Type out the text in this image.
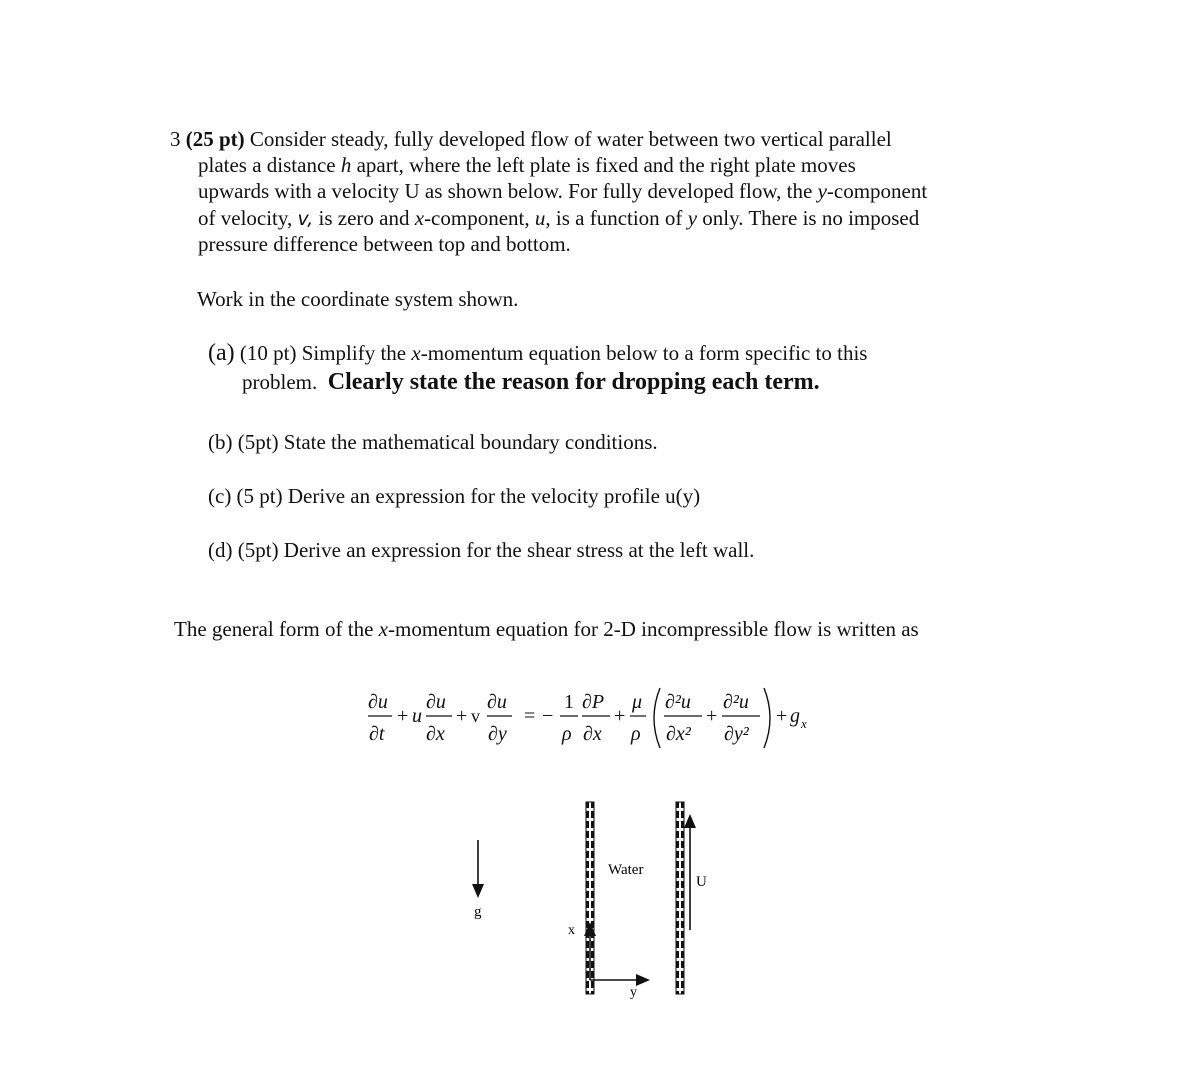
3 (25 pt) Consider steady, fully developed flow of water between two vertical parallel
plates a distance h apart, where the left plate is fixed and the right plate moves
upwards with a velocity U as shown below. For fully developed flow, the y-component
of velocity, v, is zero and x-component, u, is a function of y only. There is no imposed
pressure difference between top and bottom.
Work in the coordinate system shown.
(a) (10 pt) Simplify the x-momentum equation below to a form specific to this
problem. Clearly state the reason for dropping each term.
(b) (5pt) State the mathematical boundary conditions.
(c) (5 pt) Derive an expression for the velocity profile u(y)
(d) (5pt) Derive an expression for the shear stress at the left wall.
The general form of the x-momentum equation for 2-D incompressible flow is written as
∂u
∂t
+ u
∂u
∂x
+ v
∂u
∂y
= −
1
ρ
∂P
∂x
+
μ
ρ
∂²u
∂x²
+
∂²u
∂y²
+ g x
g
U
Water
x
y
